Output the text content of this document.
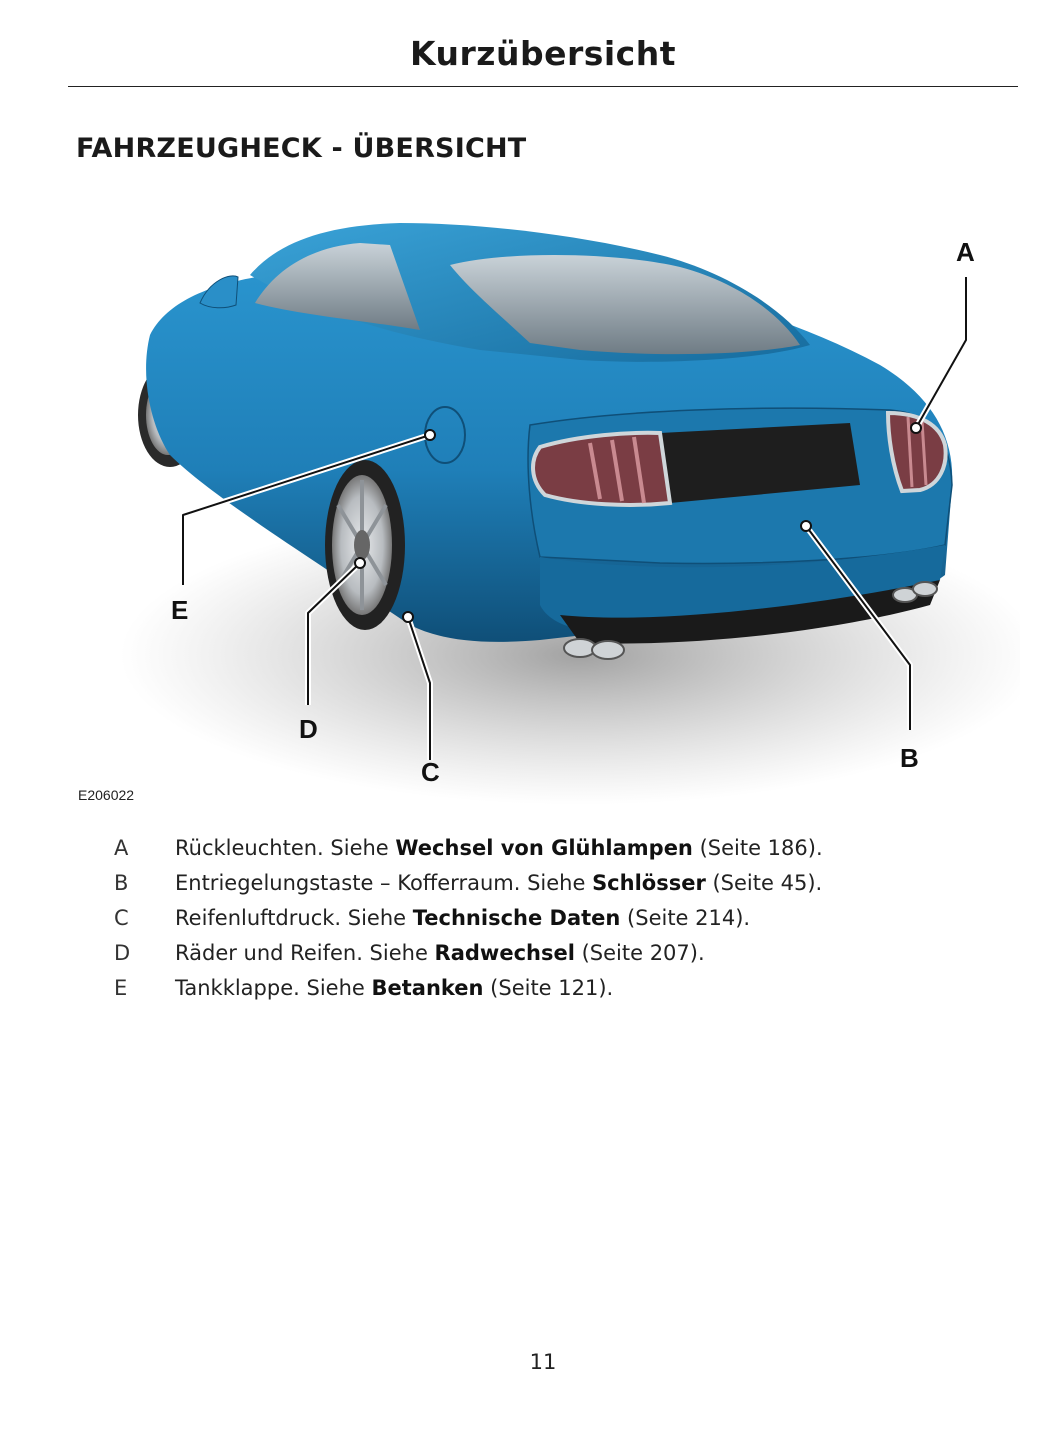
Kurzübersicht
FAHRZEUGHECK - ÜBERSICHT
A
B
C
D
E
E206022
A Rückleuchten. Siehe Wechsel von Glühlampen (Seite 186).
B Entriegelungstaste – Kofferraum. Siehe Schlösser (Seite 45).
C Reifenluftdruck. Siehe Technische Daten (Seite 214).
D Räder und Reifen. Siehe Radwechsel (Seite 207).
E	Tankklappe. Siehe Betanken (Seite 121).
11
